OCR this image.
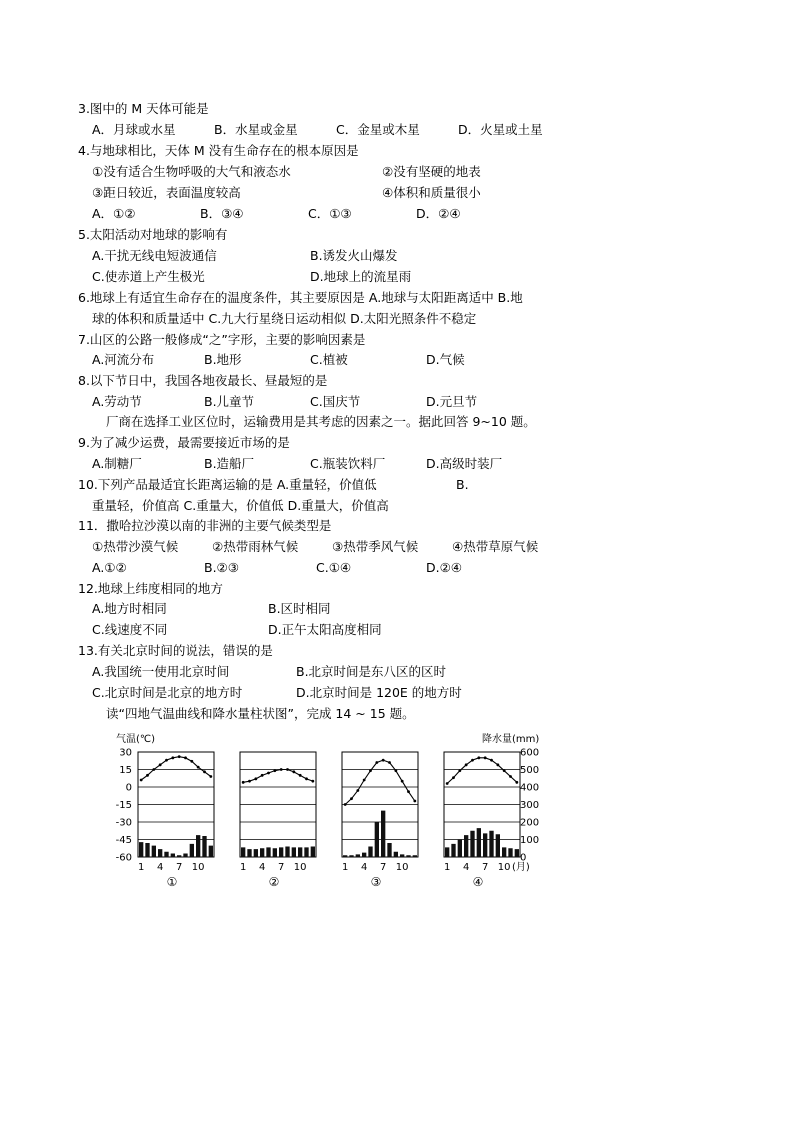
3.图中的 M 天体可能是
A．月球或水星	B．水星或金星	C．金星或木星	D．火星或土星
4.与地球相比，天体 M 没有生命存在的根本原因是
①没有适合生物呼吸的大气和液态水	②没有坚硬的地表
③距日较近，表面温度较高	④体积和质量很小
A．①②	B．③④	C．①③	D．②④
5.太阳活动对地球的影响有
A.干扰无线电短波通信	B.诱发火山爆发
C.使赤道上产生极光	D.地球上的流星雨
6.地球上有适宜生命存在的温度条件，其主要原因是 A.地球与太阳距离适中 B.地
球的体积和质量适中 C.九大行星绕日运动相似 D.太阳光照条件不稳定
7.山区的公路一般修成“之”字形，主要的影响因素是
A.河流分布	B.地形	C.植被	D.气候
8.以下节日中，我国各地夜最长、昼最短的是
A.劳动节	B.儿童节	C.国庆节	D.元旦节
厂商在选择工业区位时，运输费用是其考虑的因素之一。据此回答 9~10 题。
9.为了减少运费，最需要接近市场的是
A.制糖厂	B.造船厂	C.瓶装饮料厂	D.高级时装厂
10.下列产品最适宜长距离运输的是 A.重量轻，价值低	B.
重量轻，价值高 C.重量大，价值低 D.重量大，价值高
11．撒哈拉沙漠以南的非洲的主要气候类型是
①热带沙漠气候	②热带雨林气候	③热带季风气候	④热带草原气候
A.①②	B.②③	C.①④	D.②④
12.地球上纬度相同的地方
A.地方时相同	B.区时相同
C.线速度不同	D.正午太阳高度相同
13.有关北京时间的说法，错误的是
A.我国统一使用北京时间	B.北京时间是东八区的区时
C.北京时间是北京的地方时	D.北京时间是 120E 的地方时
读“四地气温曲线和降水量柱状图”，完成 14 ~ 15 题。
气温(℃)	降水量(mm)
30
15
0
-15
-30
-45
-60
600
500
400
300
200
100
0
1 4 7 10
①
1 4 7 10
②
1 4 7 10
③
1 4 7 10
④
(月)
